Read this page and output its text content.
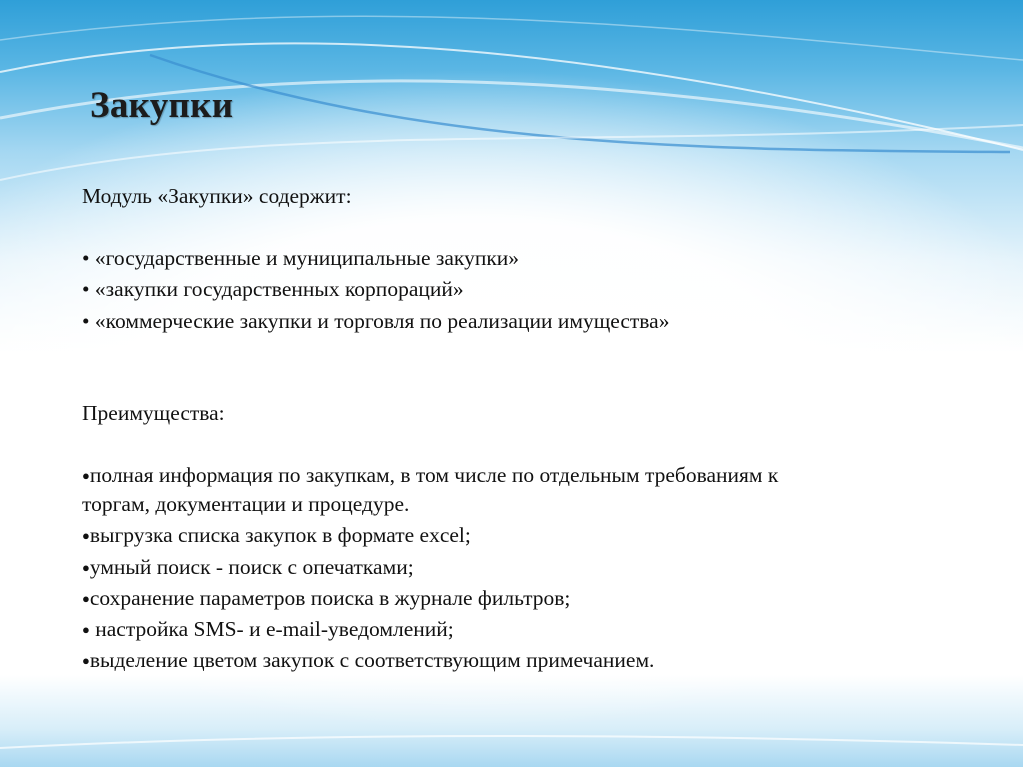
Закупки

Модуль «Закупки» содержит:

• «государственные и муниципальные закупки»

• «закупки государственных корпораций»

• «коммерческие закупки и торговля по реализации имущества»

Преимущества:

●полная информация по закупкам, в том числе по отдельным требованиям к

торгам, документации и процедуре.

●выгрузка списка закупок в формате excel;

●умный поиск - поиск с опечатками;

●сохранение параметров поиска в журнале фильтров;

● настройка SMS- и e-mail-уведомлений;

●выделение цветом закупок с соответствующим примечанием.
